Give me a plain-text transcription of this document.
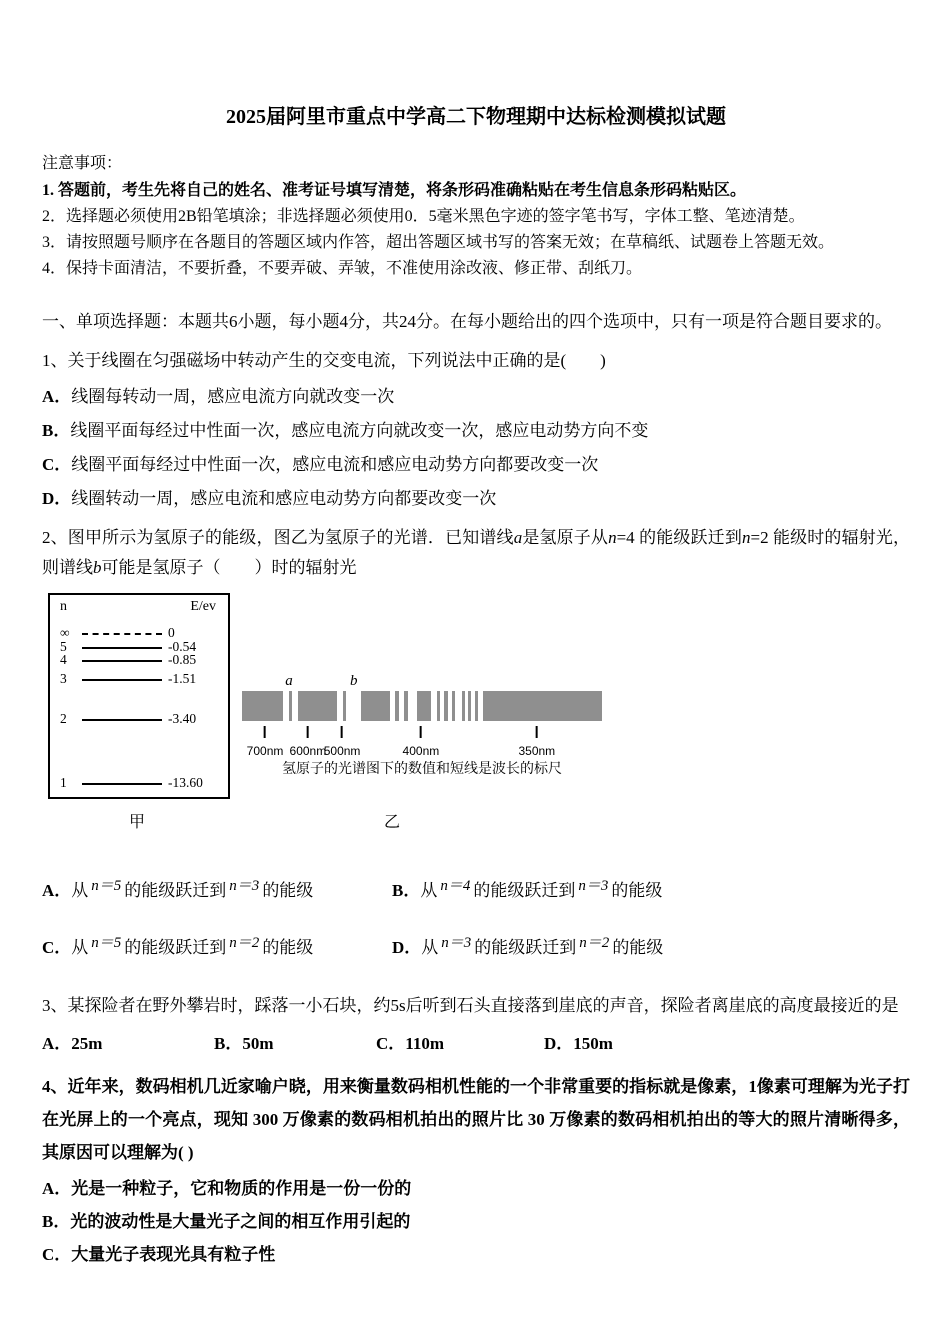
2025届阿里市重点中学高二下物理期中达标检测模拟试题

注意事项：

1. 答题前，考生先将自己的姓名、准考证号填写清楚，将条形码准确粘贴在考生信息条形码粘贴区。

2．选择题必须使用2B铅笔填涂；非选择题必须使用0．5毫米黑色字迹的签字笔书写，字体工整、笔迹清楚。

3．请按照题号顺序在各题目的答题区域内作答，超出答题区域书写的答案无效；在草稿纸、试题卷上答题无效。

4．保持卡面清洁，不要折叠，不要弄破、弄皱，不准使用涂改液、修正带、刮纸刀。

一、单项选择题：本题共6小题，每小题4分，共24分。在每小题给出的四个选项中，只有一项是符合题目要求的。

1、关于线圈在匀强磁场中转动产生的交变电流，下列说法中正确的是(　　)

A．线圈每转动一周，感应电流方向就改变一次

B．线圈平面每经过中性面一次，感应电流方向就改变一次，感应电动势方向不变

C．线圈平面每经过中性面一次，感应电流和感应电动势方向都要改变一次

D．线圈转动一周，感应电流和感应电动势方向都要改变一次

2、图甲所示为氢原子的能级，图乙为氢原子的光谱．已知谱线a是氢原子从n=4 的能级跃迁到n=2 能级时的辐射光，则谱线b可能是氢原子（　　）时的辐射光

n	E/ev
∞	0
5	-0.54
4	-0.85
3	-1.51
2	-3.40
1	-13.60
甲
a	b
700nm 600nm
500nm	400nm	350nm
氢原子的光谱图下的数值和短线是波长的标尺
乙

A．从 n＝5 的能级跃迁到 n＝3 的能级	B．从 n＝4 的能级跃迁到 n＝3 的能级

C．从 n＝5 的能级跃迁到 n＝2 的能级	D．从 n＝3 的能级跃迁到 n＝2 的能级

3、某探险者在野外攀岩时，踩落一小石块，约5s后听到石头直接落到崖底的声音，探险者离崖底的高度最接近的是

A．25m	B．50m	C．110m	D．150m

4、近年来，数码相机几近家喻户晓，用来衡量数码相机性能的一个非常重要的指标就是像素，1像素可理解为光子打在光屏上的一个亮点，现知 300 万像素的数码相机拍出的照片比 30 万像素的数码相机拍出的等大的照片清晰得多，其原因可以理解为( )

A．光是一种粒子，它和物质的作用是一份一份的

B．光的波动性是大量光子之间的相互作用引起的

C．大量光子表现光具有粒子性
